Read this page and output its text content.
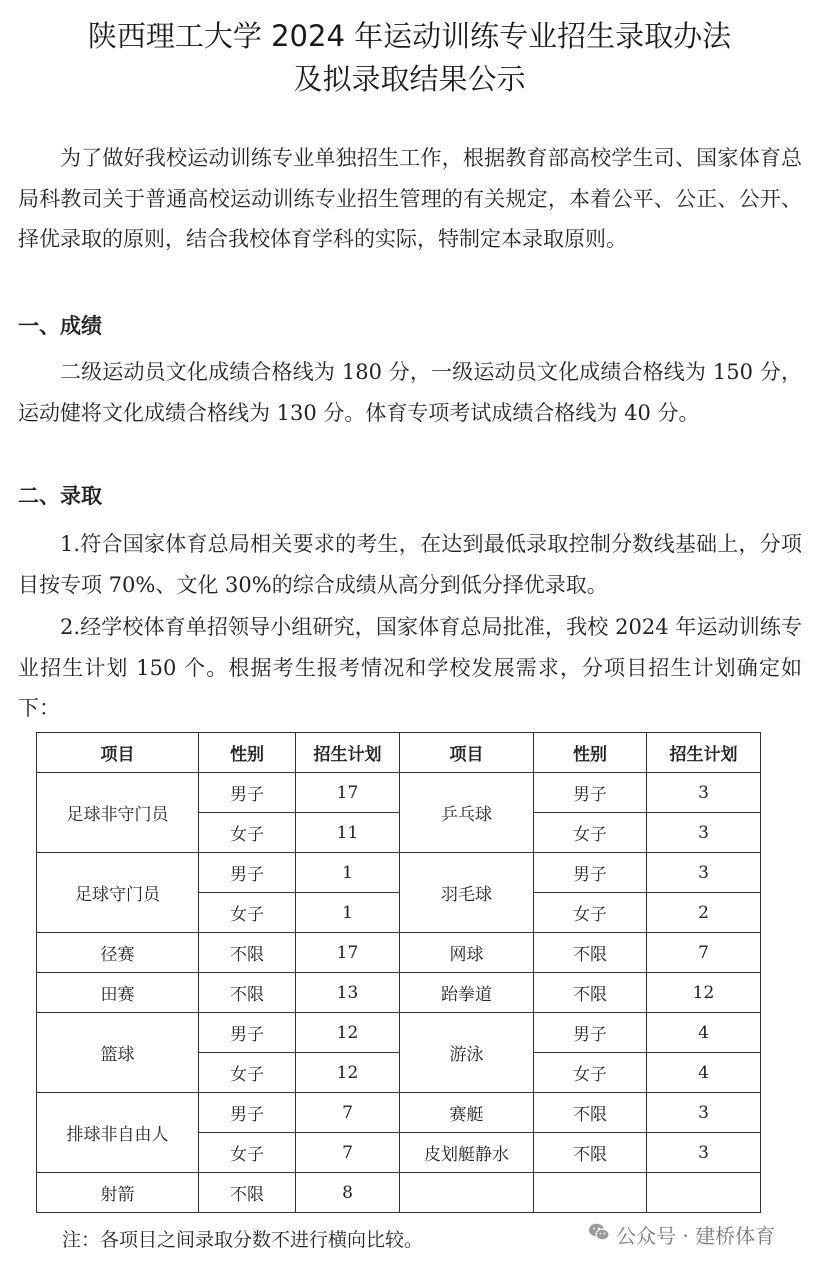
陕西理工大学 2024 年运动训练专业招生录取办法
及拟录取结果公示

为了做好我校运动训练专业单独招生工作，根据教育部高校学生司、国家体育总局科教司关于普通高校运动训练专业招生管理的有关规定，本着公平、公正、公开、择优录取的原则，结合我校体育学科的实际，特制定本录取原则。

一、成绩

二级运动员文化成绩合格线为 180 分，一级运动员文化成绩合格线为 150 分，运动健将文化成绩合格线为 130 分。体育专项考试成绩合格线为 40 分。

二、录取

1.符合国家体育总局相关要求的考生，在达到最低录取控制分数线基础上，分项目按专项 70%、文化 30%的综合成绩从高分到低分择优录取。

2.经学校体育单招领导小组研究，国家体育总局批准，我校 2024 年运动训练专业招生计划 150 个。根据考生报考情况和学校发展需求，分项目招生计划确定如下：

项目	性别	招生计划	项目	性别	招生计划
足球非守门员	男子	17	乒乓球	男子	3
	女子	11		女子	3
足球守门员	男子	1	羽毛球	男子	3
	女子	1		女子	2
径赛	不限	17	网球	不限	7
田赛	不限	13	跆拳道	不限	12
篮球	男子	12	游泳	男子	4
	女子	12		女子	4
排球非自由人	男子	7	赛艇	不限	3
	女子	7	皮划艇静水	不限	3
射箭	不限	8			

注：各项目之间录取分数不进行横向比较。	公众号 · 建桥体育
